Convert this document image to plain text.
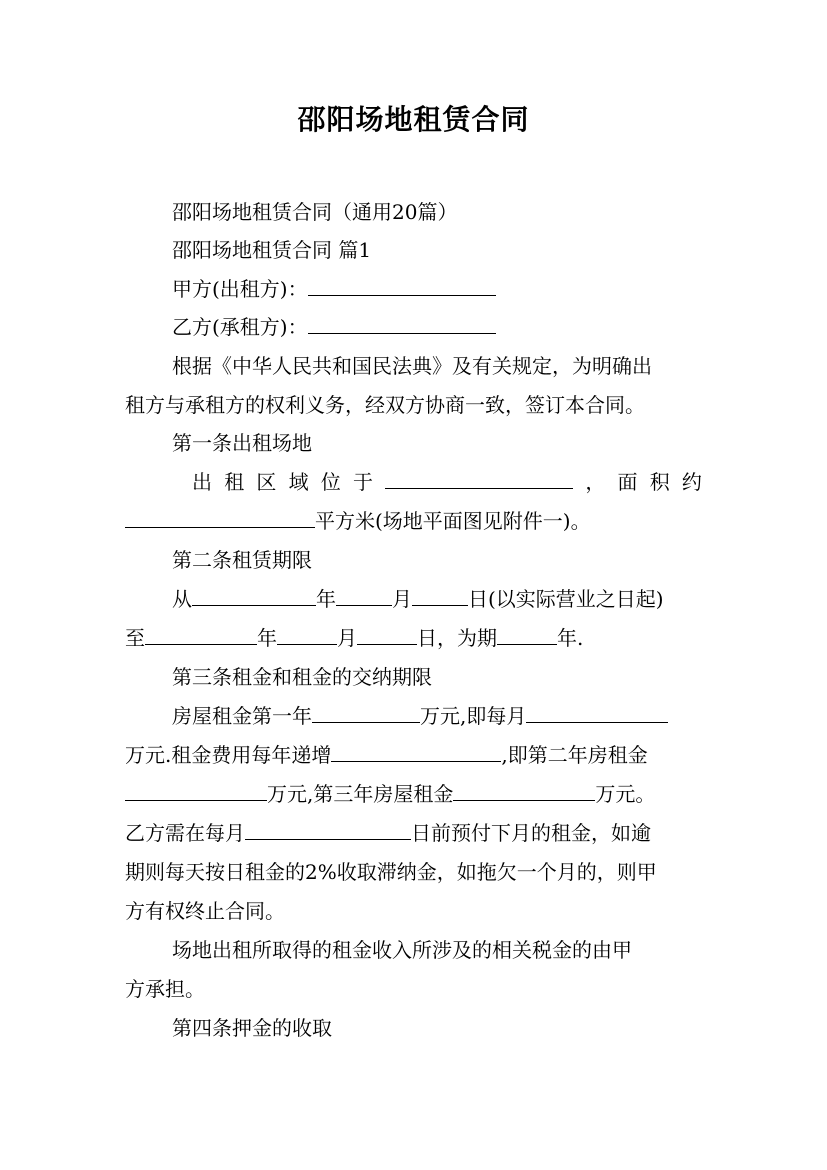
邵阳场地租赁合同
邵阳场地租赁合同（通用20篇）
邵阳场地租赁合同 篇1
甲方(出租方)：
乙方(承租方)：
根据《中华人民共和国民法典》及有关规定，为明确出
租方与承租方的权利义务，经双方协商一致，签订本合同。
第一条出租场地
出 租 区 域 位 于	， 面 积 约
平方米(场地平面图见附件一)。
第二条租赁期限
从	年	月	日(以实际营业之日起)
至	年	月	日，为期	年.
第三条租金和租金的交纳期限
房屋租金第一年	万元,即每月
万元.租金费用每年递增	,即第二年房租金
万元,第三年房屋租金	万元。
乙方需在每月	日前预付下月的租金，如逾
期则每天按日租金的2%收取滞纳金，如拖欠一个月的，则甲
方有权终止合同。
场地出租所取得的租金收入所涉及的相关税金的由甲
方承担。
第四条押金的收取
